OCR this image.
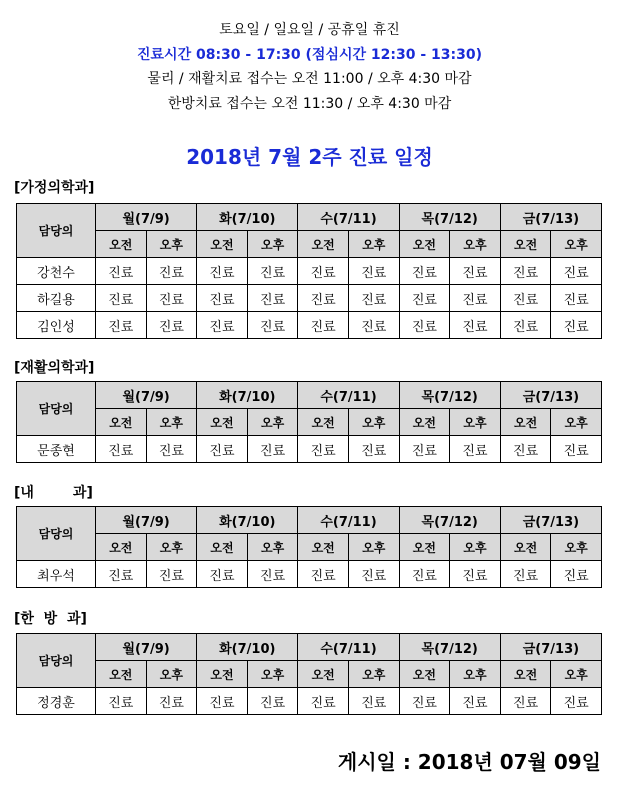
토요일 / 일요일 / 공휴일 휴진
진료시간 08:30 - 17:30 (점심시간 12:30 - 13:30)
물리 / 재활치료 접수는 오전 11:00 / 오후 4:30 마감
한방치료 접수는 오전 11:30 / 오후 4:30 마감
2018년 7월 2주 진료 일정
[가정의학과]
담당의	월(7/9)		화(7/10)		수(7/11)		목(7/12)		금(7/13)	
	오전	오후	오전	오후	오전	오후	오전	오후	오전	오후
강천수	진료	진료	진료	진료	진료	진료	진료	진료	진료	진료
하길용	진료	진료	진료	진료	진료	진료	진료	진료	진료	진료
김인성	진료	진료	진료	진료	진료	진료	진료	진료	진료	진료
[재활의학과]
담당의	월(7/9)		화(7/10)		수(7/11)		목(7/12)		금(7/13)	
	오전	오후	오전	오후	오전	오후	오전	오후	오전	오후
문종현	진료	진료	진료	진료	진료	진료	진료	진료	진료	진료
[내        과]
담당의	월(7/9)		화(7/10)		수(7/11)		목(7/12)		금(7/13)	
	오전	오후	오전	오후	오전	오후	오전	오후	오전	오후
최우석	진료	진료	진료	진료	진료	진료	진료	진료	진료	진료
[한  방  과]
담당의	월(7/9)		화(7/10)		수(7/11)		목(7/12)		금(7/13)	
	오전	오후	오전	오후	오전	오후	오전	오후	오전	오후
정경훈	진료	진료	진료	진료	진료	진료	진료	진료	진료	진료
게시일 : 2018년 07월 09일
